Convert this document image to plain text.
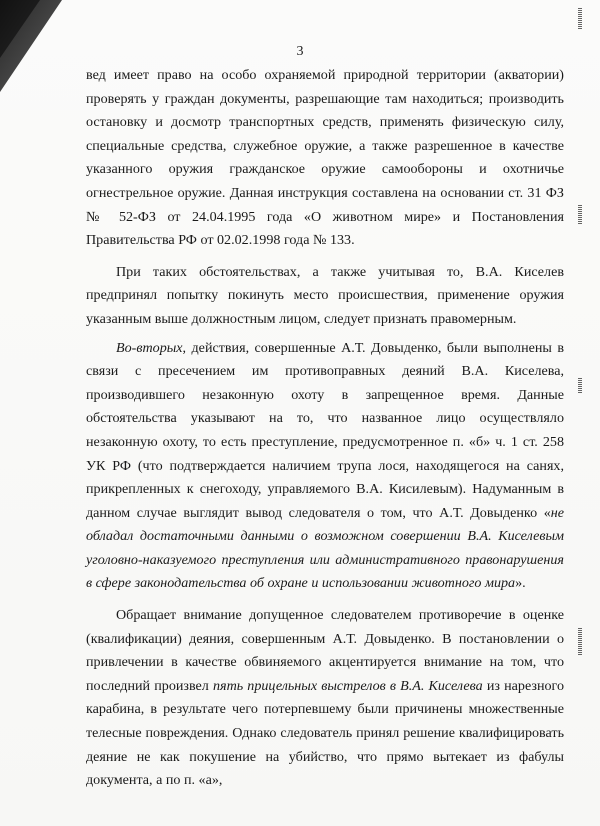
3

вед имеет право на особо охраняемой природной территории (акватории) проверять у граждан документы, разрешающие там находиться; производить остановку и досмотр транспортных средств, применять физическую силу, специальные средства, служебное оружие, а также разрешенное в качестве указанного оружия гражданское оружие самообороны и охотничье огнестрельное оружие. Данная инструкция составлена на основании ст. 31 ФЗ № 52-ФЗ от 24.04.1995 года «О животном мире» и Постановления Правительства РФ от 02.02.1998 года № 133.

При таких обстоятельствах, а также учитывая то, В.А. Киселев предпринял попытку покинуть место происшествия, применение оружия указанным выше должностным лицом, следует признать правомерным.

Во-вторых, действия, совершенные А.Т. Довыденко, были выполнены в связи с пресечением им противоправных деяний В.А. Киселева, производившего незаконную охоту в запрещенное время. Данные обстоятельства указывают на то, что названное лицо осуществляло незаконную охоту, то есть преступление, предусмотренное п. «б» ч. 1 ст. 258 УК РФ (что подтверждается наличием трупа лося, находящегося на санях, прикрепленных к снегоходу, управляемого В.А. Кисилевым). Надуманным в данном случае выглядит вывод следователя о том, что А.Т. Довыденко «не обладал достаточными данными о возможном совершении В.А. Киселевым уголовно-наказуемого преступления или административного правонарушения в сфере законодательства об охране и использовании животного мира».

Обращает внимание допущенное следователем противоречие в оценке (квалификации) деяния, совершенным А.Т. Довыденко. В постановлении о привлечении в качестве обвиняемого акцентируется внимание на том, что последний произвел пять прицельных выстрелов в В.А. Киселева из нарезного карабина, в результате чего потерпевшему были причинены множественные телесные повреждения. Однако следователь принял решение квалифицировать деяние не как покушение на убийство, что прямо вытекает из фабулы документа, а по п. «а»,
